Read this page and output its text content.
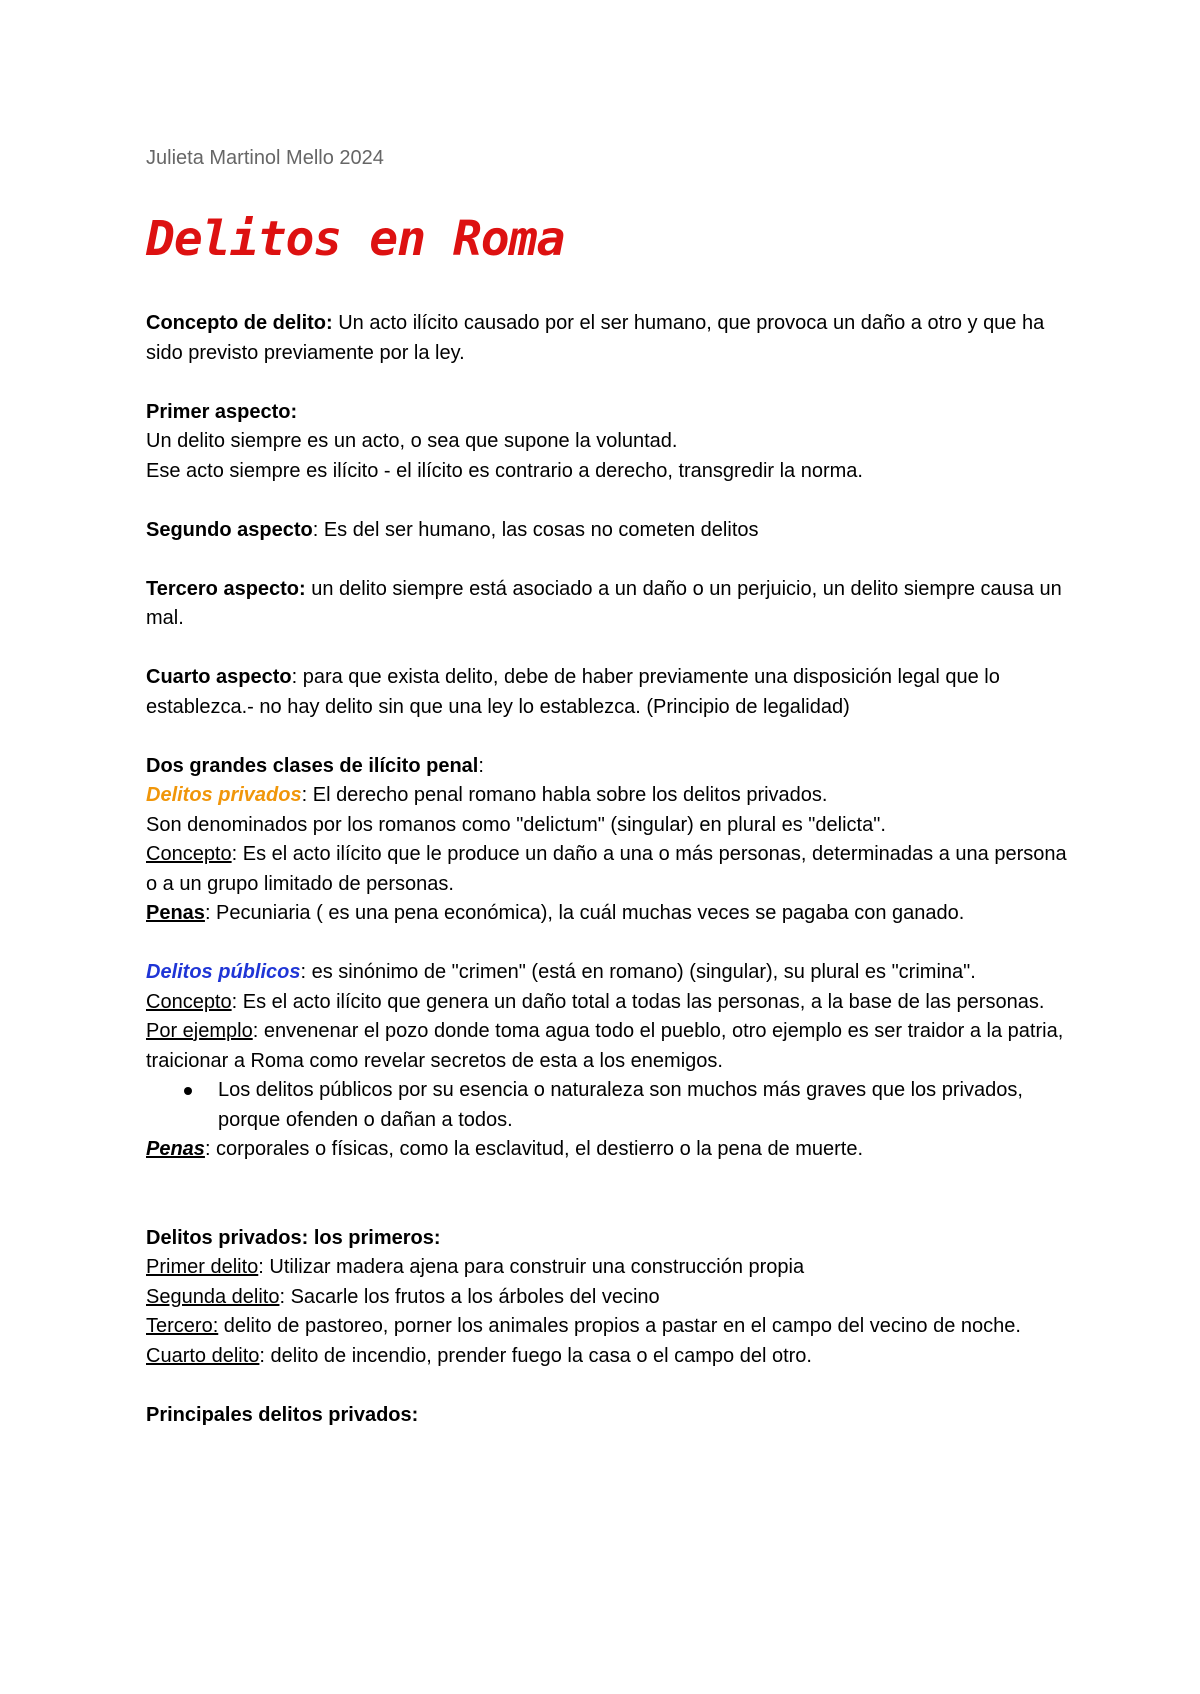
Julieta Martinol Mello 2024

Delitos en Roma

Concepto de delito: Un acto ilícito causado por el ser humano, que provoca un daño a otro y que ha sido previsto previamente por la ley.

Primer aspecto:

Un delito siempre es un acto, o sea que supone la voluntad.

Ese acto siempre es ilícito - el ilícito es contrario a derecho, transgredir la norma.

Segundo aspecto: Es del ser humano, las cosas no cometen delitos

Tercero aspecto: un delito siempre está asociado a un daño o un perjuicio, un delito siempre causa un mal.

Cuarto aspecto: para que exista delito, debe de haber previamente una disposición legal que lo establezca.- no hay delito sin que una ley lo establezca. (Principio de legalidad)

Dos grandes clases de ilícito penal:

Delitos privados: El derecho penal romano habla sobre los delitos privados.

Son denominados por los romanos como "delictum" (singular) en plural es "delicta".

Concepto: Es el acto ilícito que le produce un daño a una o más personas, determinadas a una persona o a un grupo limitado de personas.

Penas: Pecuniaria ( es una pena económica), la cuál muchas veces se pagaba con ganado.

Delitos públicos: es sinónimo de "crimen" (está en romano) (singular), su plural es "crimina".

Concepto: Es el acto ilícito que genera un daño total a todas las personas, a la base de las personas. Por ejemplo: envenenar el pozo donde toma agua todo el pueblo, otro ejemplo es ser traidor a la patria, traicionar a Roma como revelar secretos de esta a los enemigos.

Los delitos públicos por su esencia o naturaleza son muchos más graves que los privados, porque ofenden o dañan a todos.

Penas: corporales o físicas, como la esclavitud, el destierro o la pena de muerte.

Delitos privados: los primeros:

Primer delito: Utilizar madera ajena para construir una construcción propia

Segunda delito: Sacarle los frutos a los árboles del vecino

Tercero: delito de pastoreo, porner los animales propios a pastar en el campo del vecino de noche.

Cuarto delito: delito de incendio, prender fuego la casa o el campo del otro.

Principales delitos privados:
